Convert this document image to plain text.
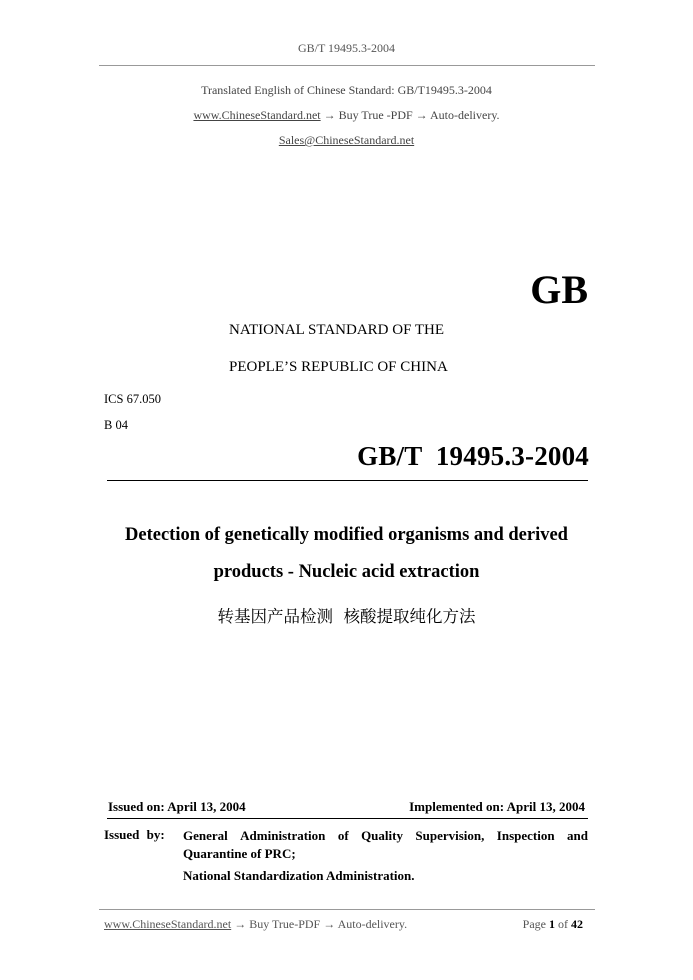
GB/T 19495.3-2004
Translated English of Chinese Standard: GB/T19495.3-2004
www.ChineseStandard.net → Buy True -PDF → Auto-delivery.
Sales@ChineseStandard.net
GB
NATIONAL STANDARD OF THE
PEOPLE’S REPUBLIC OF CHINA
ICS 67.050
B 04
GB/T  19495.3-2004
Detection of genetically modified organisms and derived
products - Nucleic acid extraction
转基因产品检测  核酸提取纯化方法
Issued on: April 13, 2004	Implemented on: April 13, 2004
Issued by: General Administration of Quality Supervision, Inspection and
Quarantine of PRC;
National Standardization Administration.
www.ChineseStandard.net → Buy True-PDF → Auto-delivery.	Page 1 of 42
